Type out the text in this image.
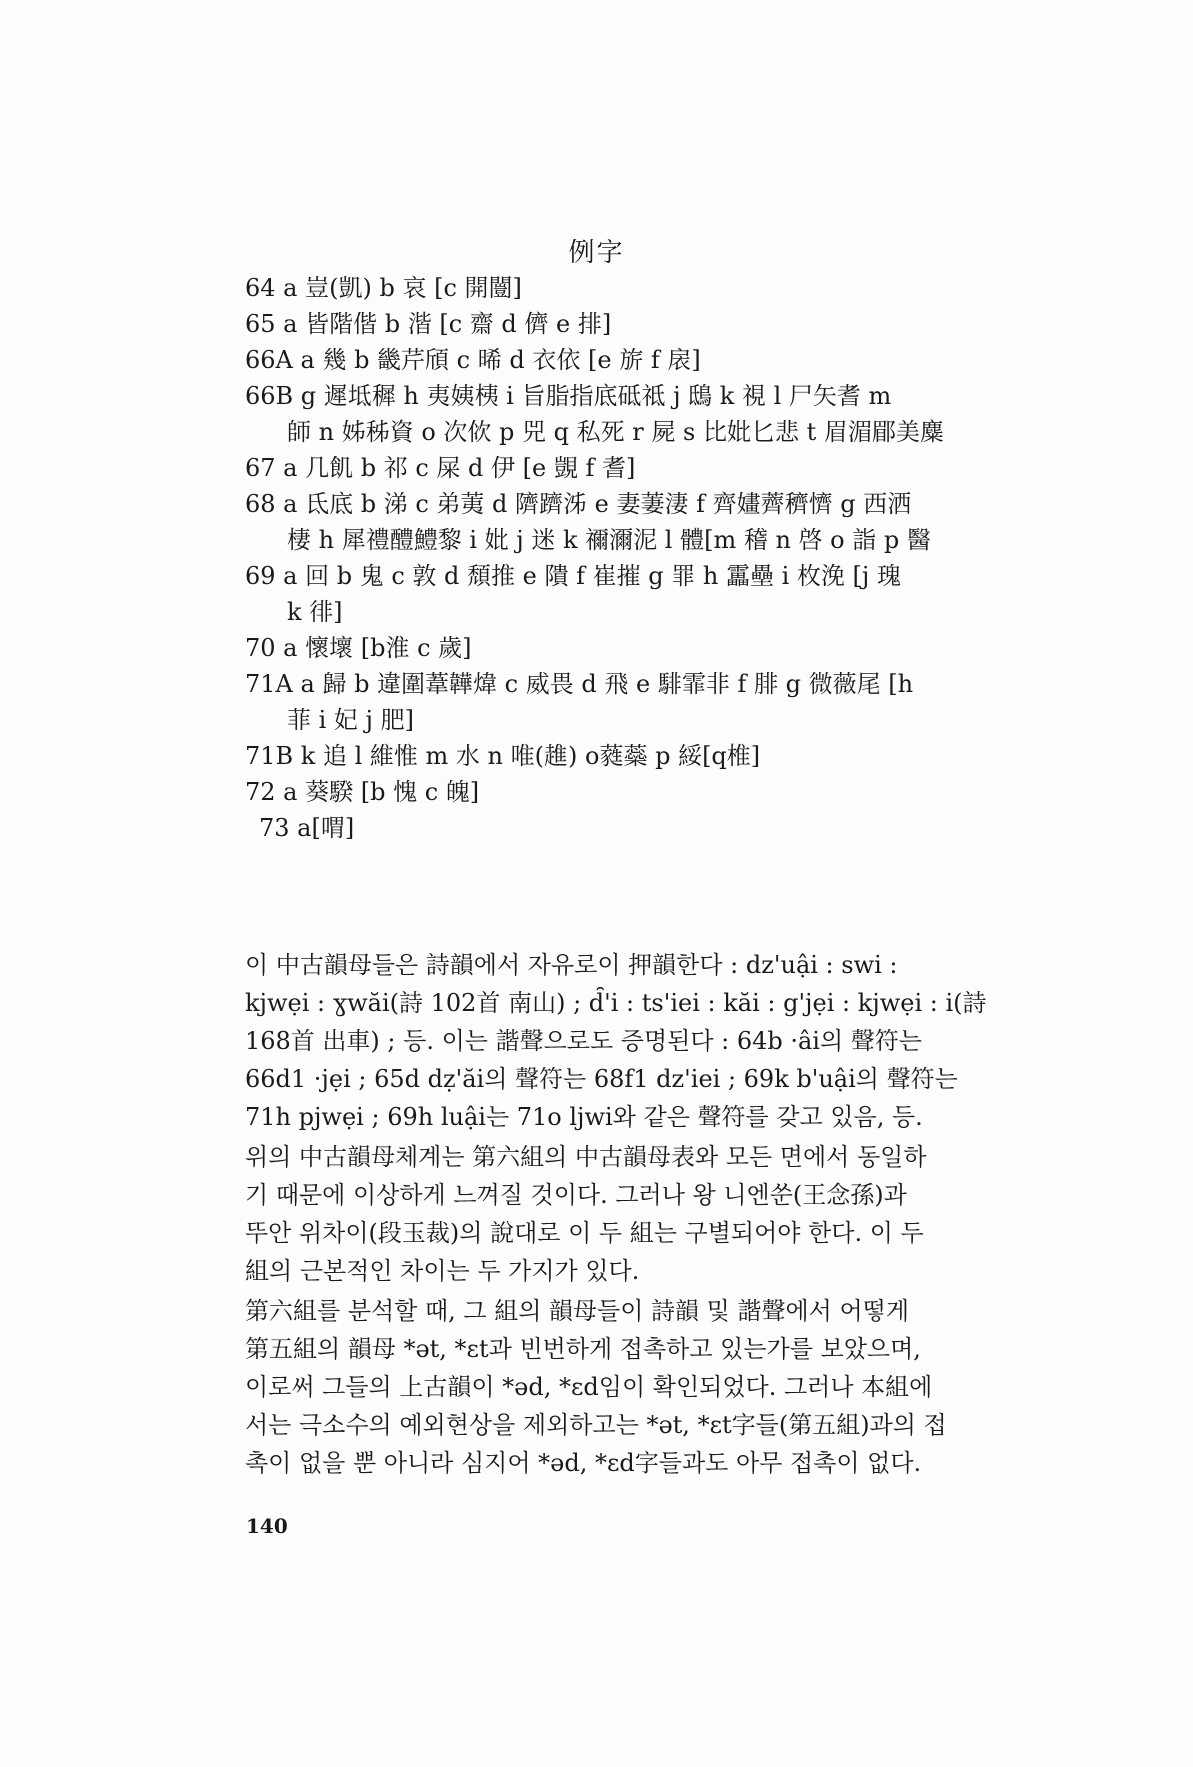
例字
64 a 豈(凱) b 哀 [c 開闓]
65 a 皆階偕 b 湝 [c 齋 d 儕 e 排]
66A a 幾 b 畿芹頎 c 晞 d 衣依 [e 旂 f 扆]
66B g 遲坻穉 h 夷姨桋 i 旨脂指底砥祗 j 鴟 k 視 l 尸矢耆 m
師 n 姊秭資 o 次佽 p 兕 q 私死 r 屍 s 比妣匕悲 t 眉湄郿美麋
67 a 几飢 b 祁 c 屎 d 伊 [e 覬 f 耆]
68 a 氐底 b 涕 c 弟荑 d 隮躋泲 e 妻萋淒 f 齊嫿薺穧懠 g 西洒
棲 h 犀禮醴鱧黎 i 妣 j 迷 k 禰濔泥 l 體[m 稽 n 啓 o 詣 p 醫
69 a 回 b 鬼 c 敦 d 頹推 e 隤 f 崔摧 g 罪 h 靁壘 i 枚浼 [j 瑰
k 徘]
70 a 懷壞 [b淮 c 歲]
71A a 歸 b 違圍葦韡煒 c 威畏 d 飛 e 騑霏非 f 腓 g 微薇尾 [h
菲 i 妃 j 肥]
71B k 追 l 維惟 m 水 n 唯(趡) o蕤蘂 p 綏[q椎]
72 a 葵騤 [b 愧 c 魄]
73 a[喟]
이 中古韻母들은 詩韻에서 자유로이 押韻한다 : dz'uậi : swi :
kjwẹi : ɣwăi(詩 102首 南山) ; d̑'i : ts'iei : kăi : g'jẹi : kjwẹi : i(詩
168首 出車) ; 등. 이는 諧聲으로도 증명된다 : 64b ·âi의 聲符는
66d1 ·jẹi ; 65d dẓ'ăi의 聲符는 68f1 dz'iei ; 69k b'uậi의 聲符는
71h pjwẹi ; 69h luậi는 71o ljwi와 같은 聲符를 갖고 있음, 등.
위의 中古韻母체계는 第六組의 中古韻母表와 모든 면에서 동일하
기 때문에 이상하게 느껴질 것이다. 그러나 왕 니엔쑨(王念孫)과
뚜안 위차이(段玉裁)의 說대로 이 두 組는 구별되어야 한다. 이 두
組의 근본적인 차이는 두 가지가 있다.
第六組를 분석할 때, 그 組의 韻母들이 詩韻 및 諧聲에서 어떻게
第五組의 韻母 *ət, *ɛt과 빈번하게 접촉하고 있는가를 보았으며,
이로써 그들의 上古韻이 *əd, *ɛd임이 확인되었다. 그러나 本組에
서는 극소수의 예외현상을 제외하고는 *ət, *ɛt字들(第五組)과의 접
촉이 없을 뿐 아니라 심지어 *əd, *ɛd字들과도 아무 접촉이 없다.
140
